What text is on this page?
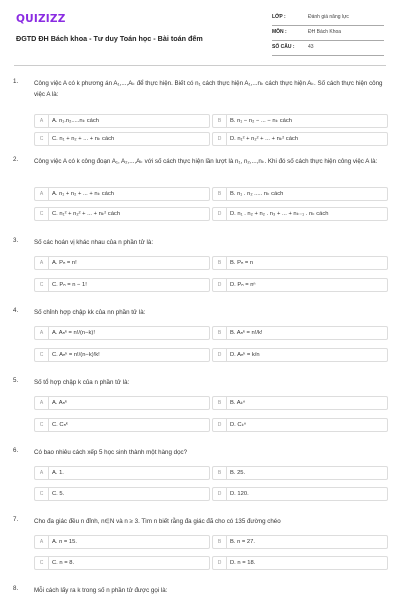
QUIZIZZ
ĐGTD ĐH Bách khoa - Tư duy Toán học - Bài toán đếm
LỚP :	Đánh giá năng lực
MÔN :	ĐH Bách Khoa
SỐ CÂU :	43
1.	Công việc A có k phương án A₁,...,Aₖ để thực hiện. Biết có n₁ cách thực hiện A₁,...nₖ cách thực hiện Aₖ. Số cách thực hiện công việc A là:
A	A. n₁.n₂.....nₖ cách	B	B. n₁ − n₂ − ... − nₖ cách
C	C. n₁ + n₂ + ... + nₖ cách	D	D. n₁² + n₂² + ... + nₖ² cách
2.	Công việc A có k công đoạn A₁, A₂,...,Aₖ với số cách thực hiện lần lượt là n₁, n₂,...,nₖ. Khi đó số cách thực hiện công việc A là:
A	A. n₁ + n₂ + ... + nₖ cách	B	B. n₁ . n₂ ..... nₖ cách
C	C. n₁² + n₂² + ... + nₖ² cách	D	D. n₁ . n₂ + n₂ . n₃ + ... + nₖ₋₁ . nₖ cách
3.	Số các hoán vị khác nhau của n phần tử là:
A	A. Pₙ = n!	B	B. Pₙ = n
C	C. Pₙ = n − 1!	D	D. Pₙ = nⁿ
4.	Số chỉnh hợp chập kk của nn phần tử là:
A	A. Aₙᵏ = n!/(n−k)!	B	B. Aₙᵏ = n!/k!
C	C. Aₙᵏ = n!/(n−k)!k!	D	D. Aₙᵏ = k/n
5.	Số tổ hợp chập k của n phần tử là:
A	A. Aₙᵏ	B	B. Aₖⁿ
C	C. Cₙᵏ	D	D. Cₖⁿ
6.	Có bao nhiêu cách xếp 5 học sinh thành một hàng dọc?
A	A. 1.	B	B. 25.
C	C. 5.	D	D. 120.
7.	Cho đa giác đều n đỉnh, n∈N và n ≥ 3. Tìm n biết rằng đa giác đã cho có 135 đường chéo
A	A. n = 15.	B	B. n = 27.
C	C. n = 8.	D	D. n = 18.
8.	Mỗi cách lấy ra k trong số n phần tử được gọi là:
